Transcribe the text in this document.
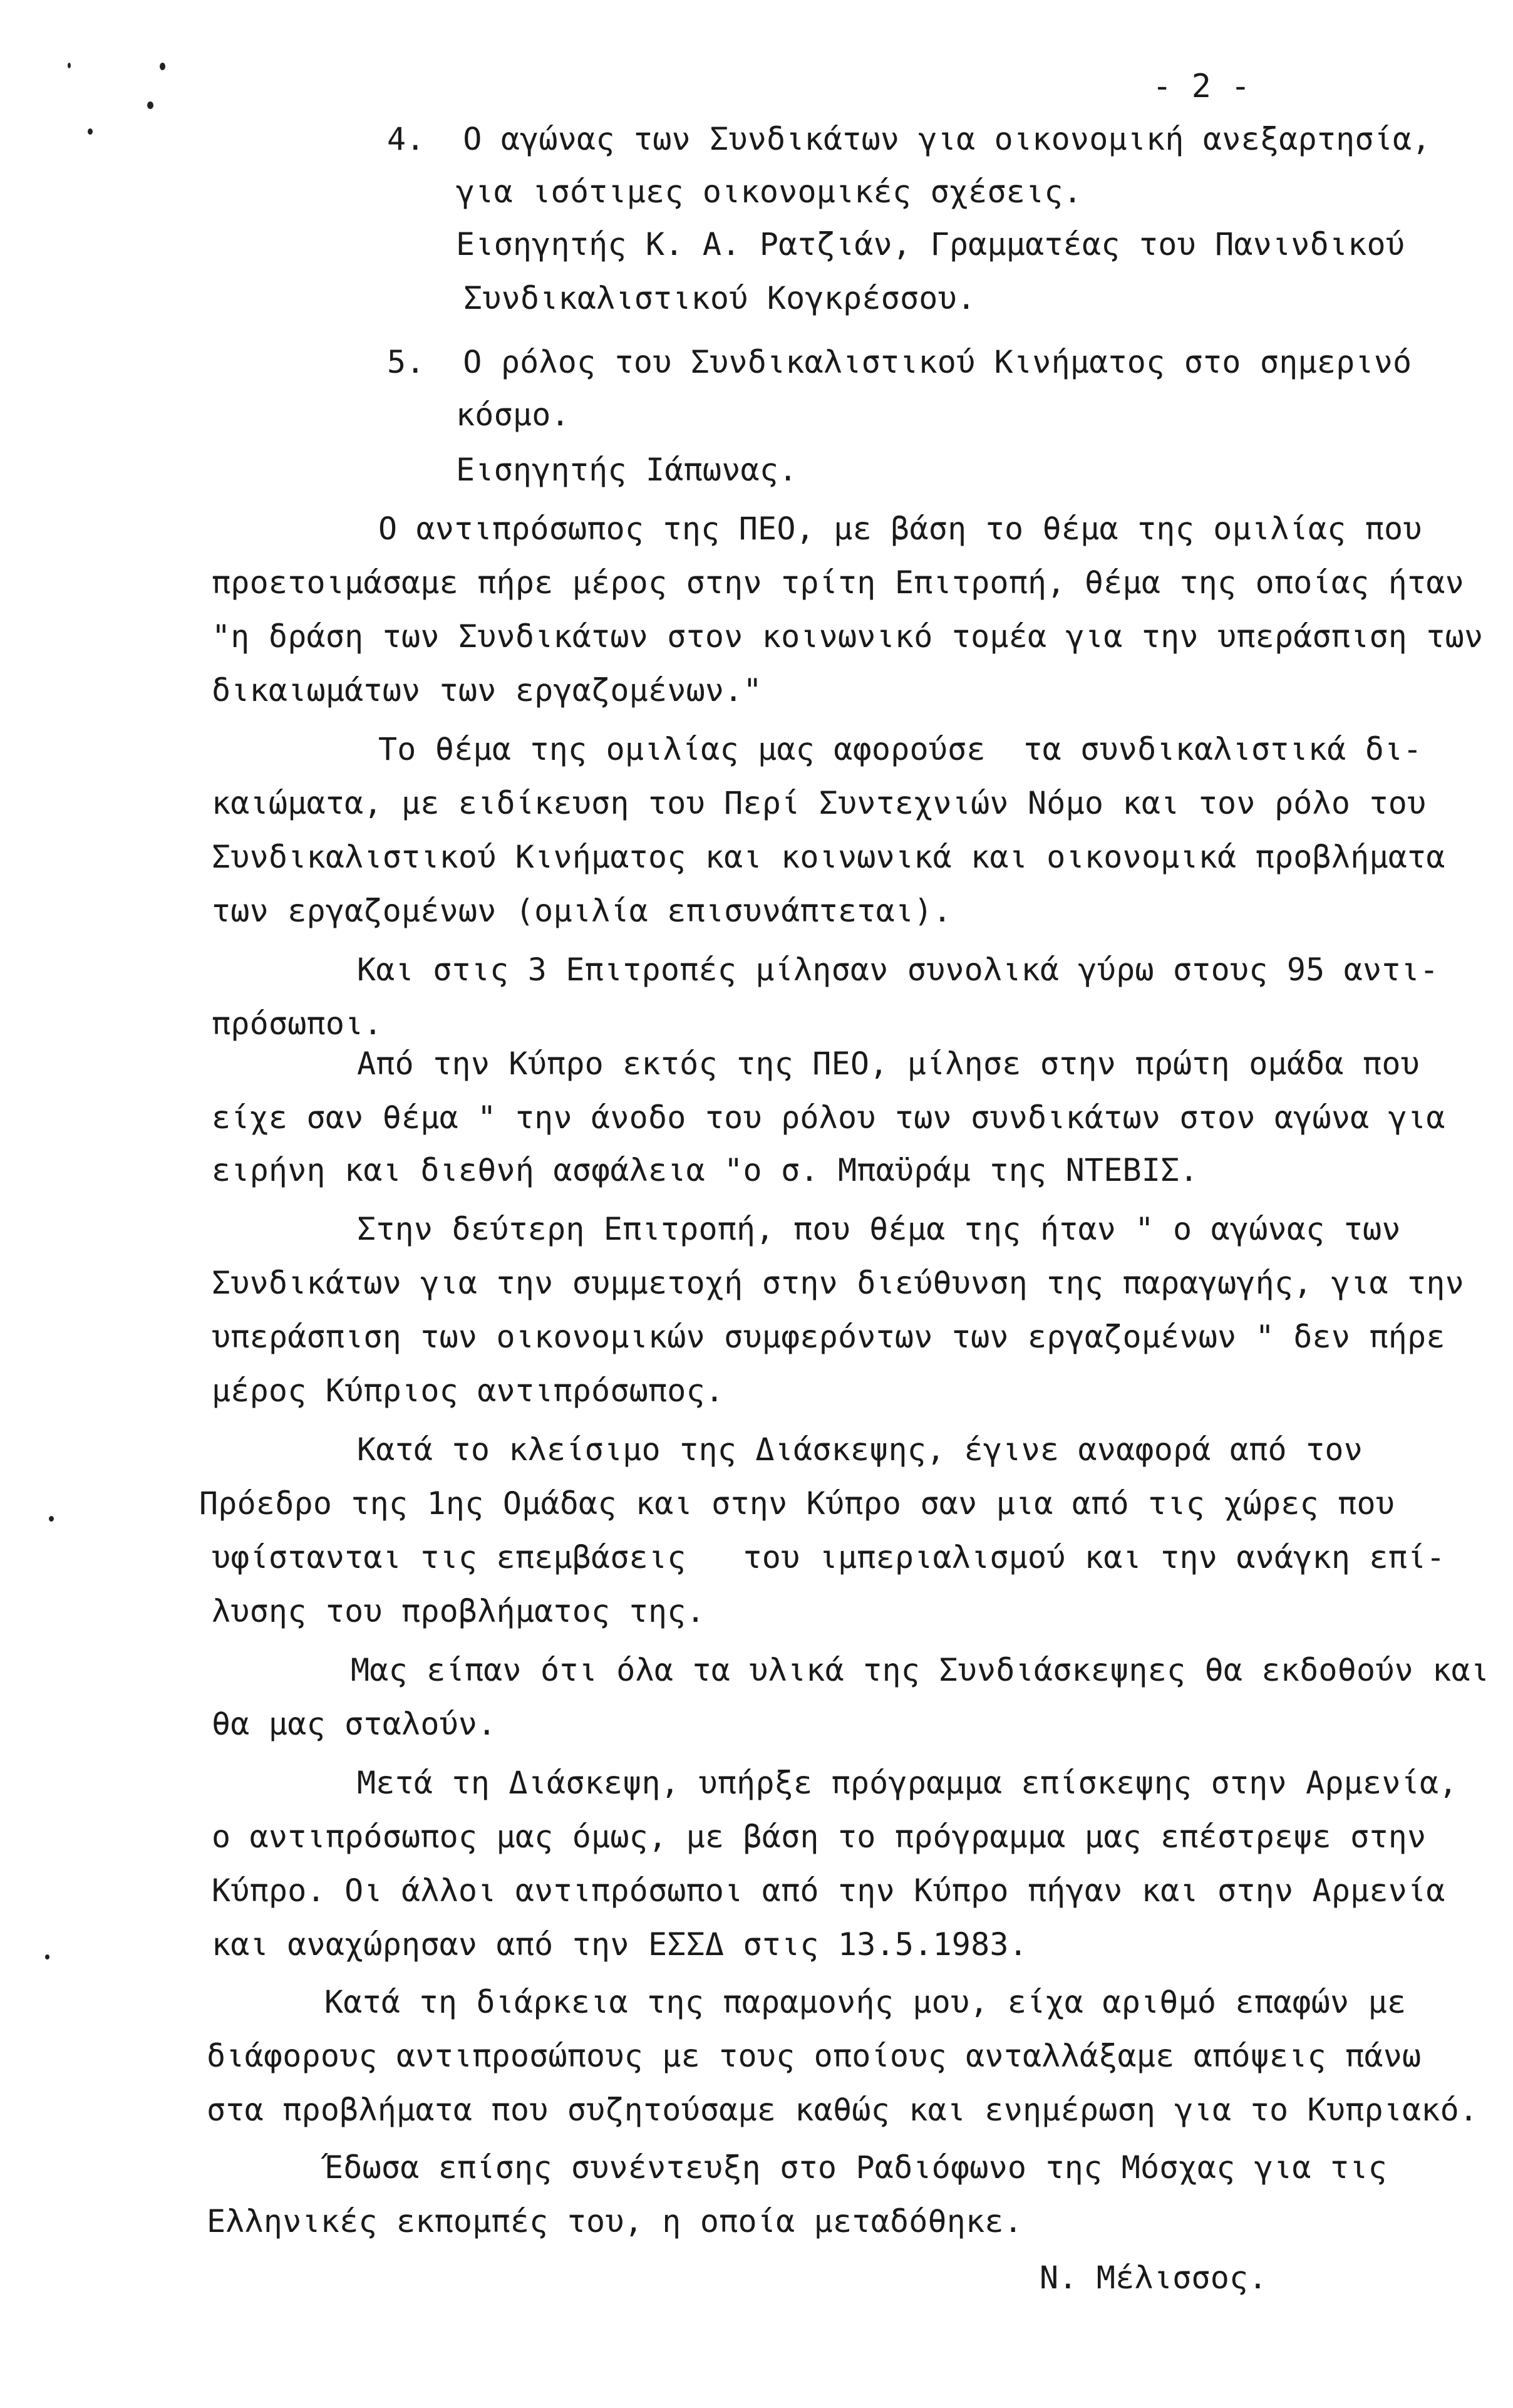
- 2 -
4.  Ο αγώνας των Συνδικάτων για οικονομική ανεξαρτησία,
για ισότιμες οικονομικές σχέσεις.
Εισηγητής Κ. Α. Ρατζιάν, Γραμματέας του Πανινδικού
Συνδικαλιστικού Κογκρέσσου.
5.  Ο ρόλος του Συνδικαλιστικού Κινήματος στο σημερινό
κόσμο.
Εισηγητής Ιάπωνας.
Ο αντιπρόσωπος της ΠΕΟ, με βάση το θέμα της ομιλίας που
προετοιμάσαμε πήρε μέρος στην τρίτη Επιτροπή, θέμα της οποίας ήταν
"η δράση των Συνδικάτων στον κοινωνικό τομέα για την υπεράσπιση των
δικαιωμάτων των εργαζομένων."
Το θέμα της ομιλίας μας αφορούσε  τα συνδικαλιστικά δι-
καιώματα, με ειδίκευση του Περί Συντεχνιών Νόμο και τον ρόλο του
Συνδικαλιστικού Κινήματος και κοινωνικά και οικονομικά προβλήματα
των εργαζομένων (ομιλία επισυνάπτεται).
Και στις 3 Επιτροπές μίλησαν συνολικά γύρω στους 95 αντι-
πρόσωποι.
Από την Κύπρο εκτός της ΠΕΟ, μίλησε στην πρώτη ομάδα που
είχε σαν θέμα " την άνοδο του ρόλου των συνδικάτων στον αγώνα για
ειρήνη και διεθνή ασφάλεια "ο σ. Μπαϋράμ της ΝΤΕΒΙΣ.
Στην δεύτερη Επιτροπή, που θέμα της ήταν " ο αγώνας των
Συνδικάτων για την συμμετοχή στην διεύθυνση της παραγωγής, για την
υπεράσπιση των οικονομικών συμφερόντων των εργαζομένων " δεν πήρε
μέρος Κύπριος αντιπρόσωπος.
Κατά το κλείσιμο της Διάσκεψης, έγινε αναφορά από τον
Πρόεδρο της 1ης Ομάδας και στην Κύπρο σαν μια από τις χώρες που
υφίστανται τις επεμβάσεις   του ιμπεριαλισμού και την ανάγκη επί-
λυσης του προβλήματος της.
Μας είπαν ότι όλα τα υλικά της Συνδιάσκεψηες θα εκδοθούν και
θα μας σταλούν.
Μετά τη Διάσκεψη, υπήρξε πρόγραμμα επίσκεψης στην Αρμενία,
ο αντιπρόσωπος μας όμως, με βάση το πρόγραμμα μας επέστρεψε στην
Κύπρο. Οι άλλοι αντιπρόσωποι από την Κύπρο πήγαν και στην Αρμενία
και αναχώρησαν από την ΕΣΣΔ στις 13.5.1983.
Κατά τη διάρκεια της παραμονής μου, είχα αριθμό επαφών με
διάφορους αντιπροσώπους με τους οποίους ανταλλάξαμε απόψεις πάνω
στα προβλήματα που συζητούσαμε καθώς και ενημέρωση για το Κυπριακό.
Έδωσα επίσης συνέντευξη στο Ραδιόφωνο της Μόσχας για τις
Ελληνικές εκπομπές του, η οποία μεταδόθηκε.
Ν. Μέλισσος.
